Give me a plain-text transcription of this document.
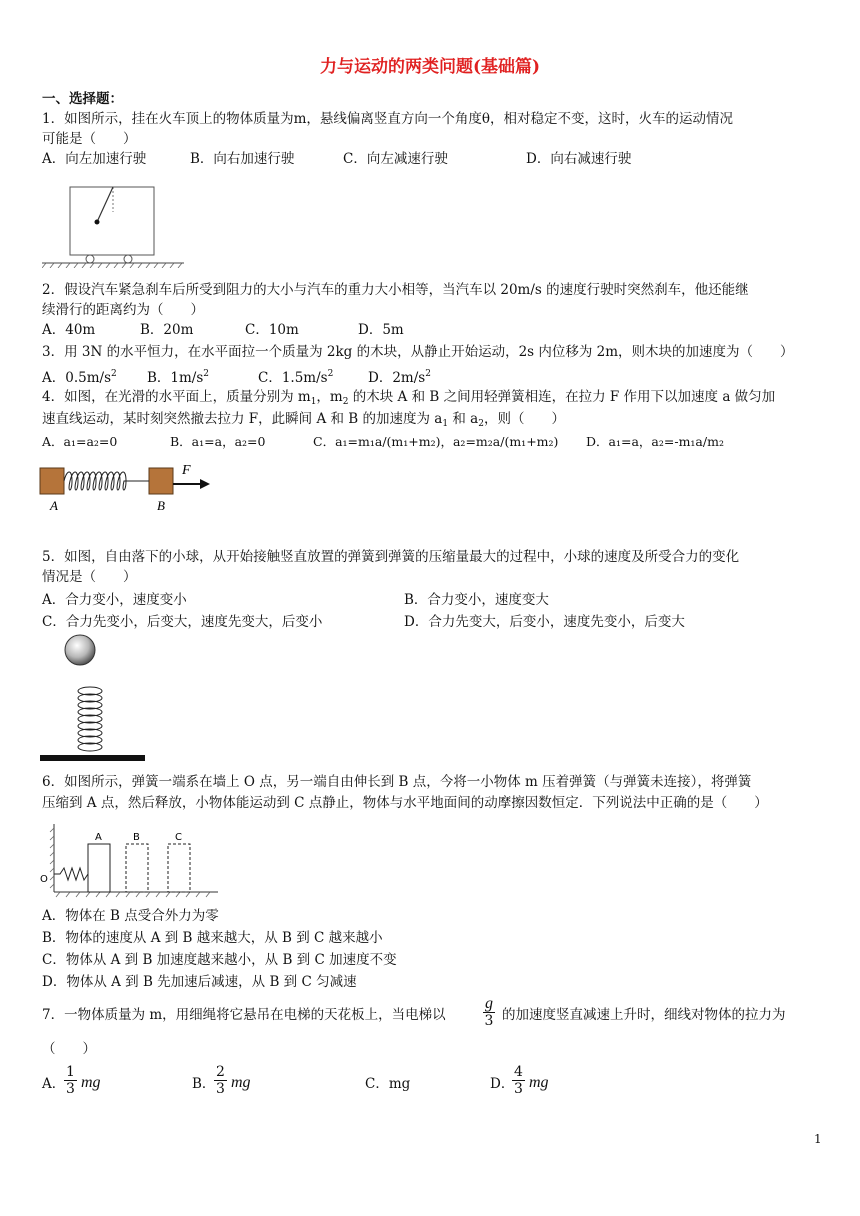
力与运动的两类问题(基础篇)
一、选择题：
1．如图所示，挂在火车顶上的物体质量为m，悬线偏离竖直方向一个角度θ，相对稳定不变，这时，火车的运动情况
可能是（　　）
A．向左加速行驶	B．向右加速行驶	C．向左减速行驶	D．向右减速行驶
2．假设汽车紧急刹车后所受到阻力的大小与汽车的重力大小相等，当汽车以 20m/s 的速度行驶时突然刹车，他还能继
续滑行的距离约为（　　）
A．40m	B．20m	C．10m	D．5m
3．用 3N 的水平恒力，在水平面拉一个质量为 2kg 的木块，从静止开始运动，2s 内位移为 2m，则木块的加速度为（　　）
A．$0.5m/s^2$ B．$1m/s^2$	C．$1.5m/s^2$	D．$2m/s^2$
4．如图，在光滑的水平面上，质量分别为 $m_1$，$m_2$ 的木块 A 和 B 之间用轻弹簧相连，在拉力 F 作用下以加速度 a 做匀加
速直线运动，某时刻突然撤去拉力 F，此瞬间 A 和 B 的加速度为 $a_1$ 和 $a_2$，则（　　）
A．a₁=a₂=0	B．a₁=a，a₂=0	C．a₁=m₁a/(m₁+m₂)，a₂=m₂a/(m₁+m₂) D．a₁=a，a₂=-m₁a/m₂
F
A	B
5．如图，自由落下的小球，从开始接触竖直放置的弹簧到弹簧的压缩量最大的过程中，小球的速度及所受合力的变化
情况是（　　）
A．合力变小，速度变小	B．合力变小，速度变大
C．合力先变小，后变大，速度先变大，后变小	D．合力先变大，后变小，速度先变小，后变大
6．如图所示，弹簧一端系在墙上 O 点，另一端自由伸长到 B 点，今将一小物体 m 压着弹簧（与弹簧未连接），将弹簧
压缩到 A 点，然后释放，小物体能运动到 C 点静止，物体与水平地面间的动摩擦因数恒定．下列说法中正确的是（　　）
O
A	B	C
A．物体在 B 点受合外力为零
B．物体的速度从 A 到 B 越来越大，从 B 到 C 越来越小
C．物体从 A 到 B 加速度越来越小，从 B 到 C 加速度不变
D．物体从 A 到 B 先加速后减速，从 B 到 C 匀减速
7．一物体质量为 m，用细绳将它悬吊在电梯的天花板上，当电梯以 $\frac{g}{3}$ 的加速度竖直减速上升时，细线对物体的拉力为
（　　）
A．
$\frac{1}{3}$ mg	B．
$\frac{2}{3}$ mg	C．mg	D．
$\frac{4}{3}$ mg
1
